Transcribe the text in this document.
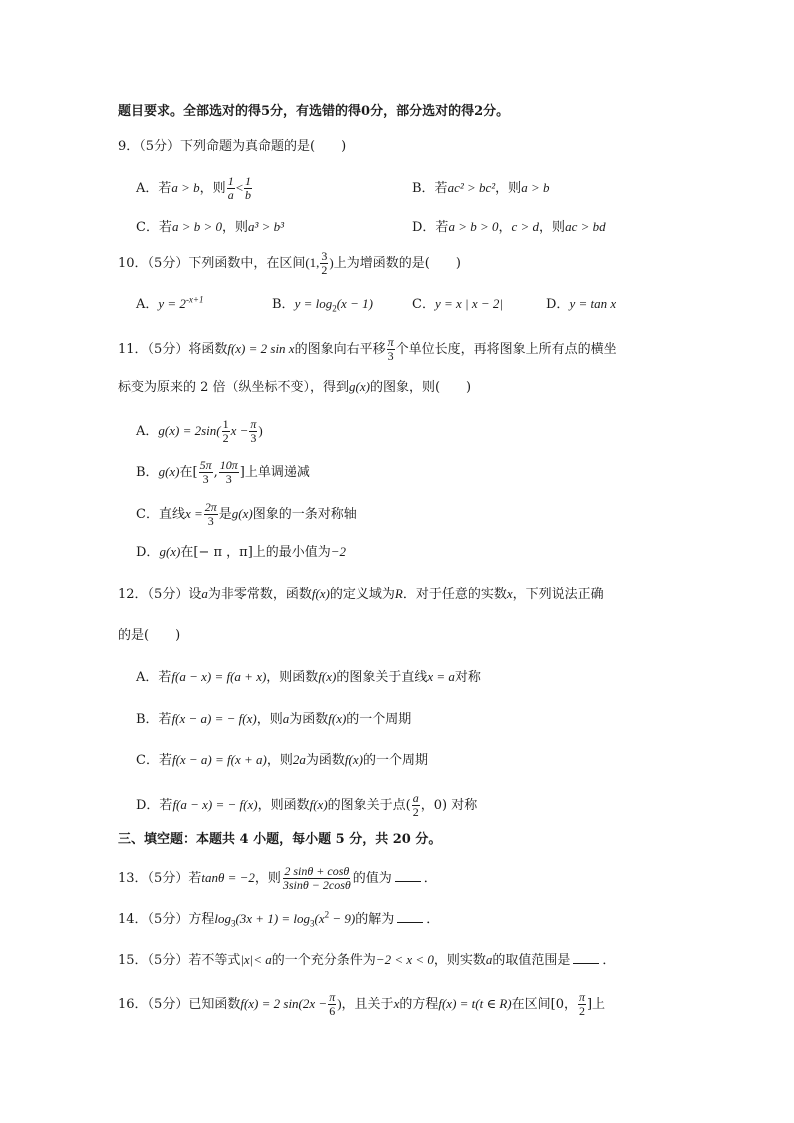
题目要求。全部选对的得5分，有选错的得0分，部分选对的得2分。
9．（5分）下列命题为真命题的是(　　)
A．若a > b，则 $\frac{1}{a} < \frac{1}{b}$	B．若ac² > bc²，则a > b
C．若a > b > 0，则a³ > b³	D．若a > b > 0，c > d，则ac > bd
10．（5分）下列函数中，在区间(1, $\frac{3}{2}$ )上为增函数的是(　　)
A．$y = 2^{-x+1}$	B．$y = \log_2(x - 1)$	C．y = x | x − 2|	D．y = tan x
11．（5分）将函数f(x) = 2 sin x的图象向右平移 $\frac{\pi}{3}$ 个单位长度，再将图象上所有点的横坐
标变为原来的 2 倍（纵坐标不变），得到g(x)的图象，则(　　)
A．$g(x) = 2\sin( \frac{1}{2}$ $x - \frac{\pi}{3}$ )
B．g(x)在[ $\frac{5\pi}{3}$ , $\frac{10\pi}{3}$ ]上单调递减
C．直线$x = \frac{2\pi}{3}$ 是g(x)图象的一条对称轴
D．g(x)在[− π ，π]上的最小值为−2
12．（5分）设a为非零常数，函数f(x)的定义域为R．对于任意的实数x，下列说法正确
的是(　　)
A．若f(a − x) = f(a + x)，则函数f(x)的图象关于直线x = a对称
B．若f(x − a) = − f(x)，则a为函数f(x)的一个周期
C．若f(x − a) = f(x + a)，则2a为函数f(x)的一个周期
D．若f(a − x) = − f(x)，则函数f(x)的图象关于点( $\frac{a}{2}$ ，0) 对称
三、填空题：本题共 4 小题，每小题 5 分，共 20 分。
13．（5分）若tanθ = −2，则 $\frac{2 \sin\theta + \cos\theta}{3\sin\theta - 2\cos\theta}$ 的值为 ．
14．（5分）方程$\log_3(3x + 1) = \log_3(x^2 - 9)$的解为 ．
15．（5分）若不等式|x|< a的一个充分条件为−2 < x < 0，则实数a的取值范围是 ．
16．（5分）已知函数f(x) = 2 $\sin(2x - \frac{\pi}{6}$ )，且关于x的方程f(x) = t(t ∈ R)在区间[0， $\frac{\pi}{2}$ ]上
